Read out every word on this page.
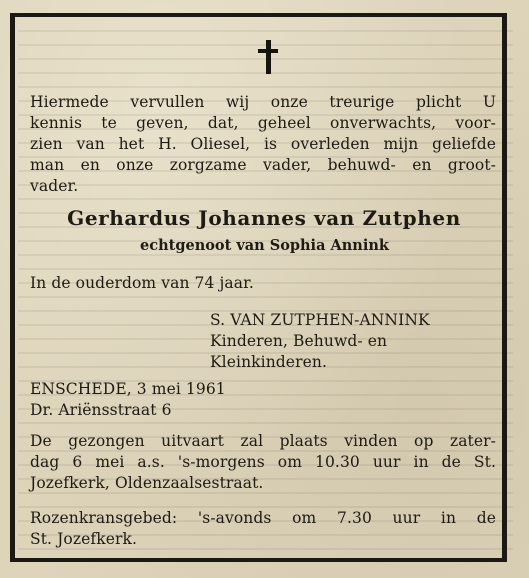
Hiermede vervullen wij onze treurige plicht U
kennis te geven, dat, geheel onverwachts, voor-
zien van het H. Oliesel, is overleden mijn geliefde
man en onze zorgzame vader, behuwd- en groot-
vader.
Gerhardus Johannes van Zutphen
echtgenoot van Sophia Annink
In de ouderdom van 74 jaar.
S. VAN ZUTPHEN-ANNINK
Kinderen, Behuwd- en
Kleinkinderen.
ENSCHEDE, 3 mei 1961
Dr. Ariënsstraat 6
De gezongen uitvaart zal plaats vinden op zater-
dag 6 mei a.s. 's-morgens om 10.30 uur in de St.
Jozefkerk, Oldenzaalsestraat.
Rozenkransgebed: 's-avonds om 7.30 uur in de
St. Jozefkerk.
